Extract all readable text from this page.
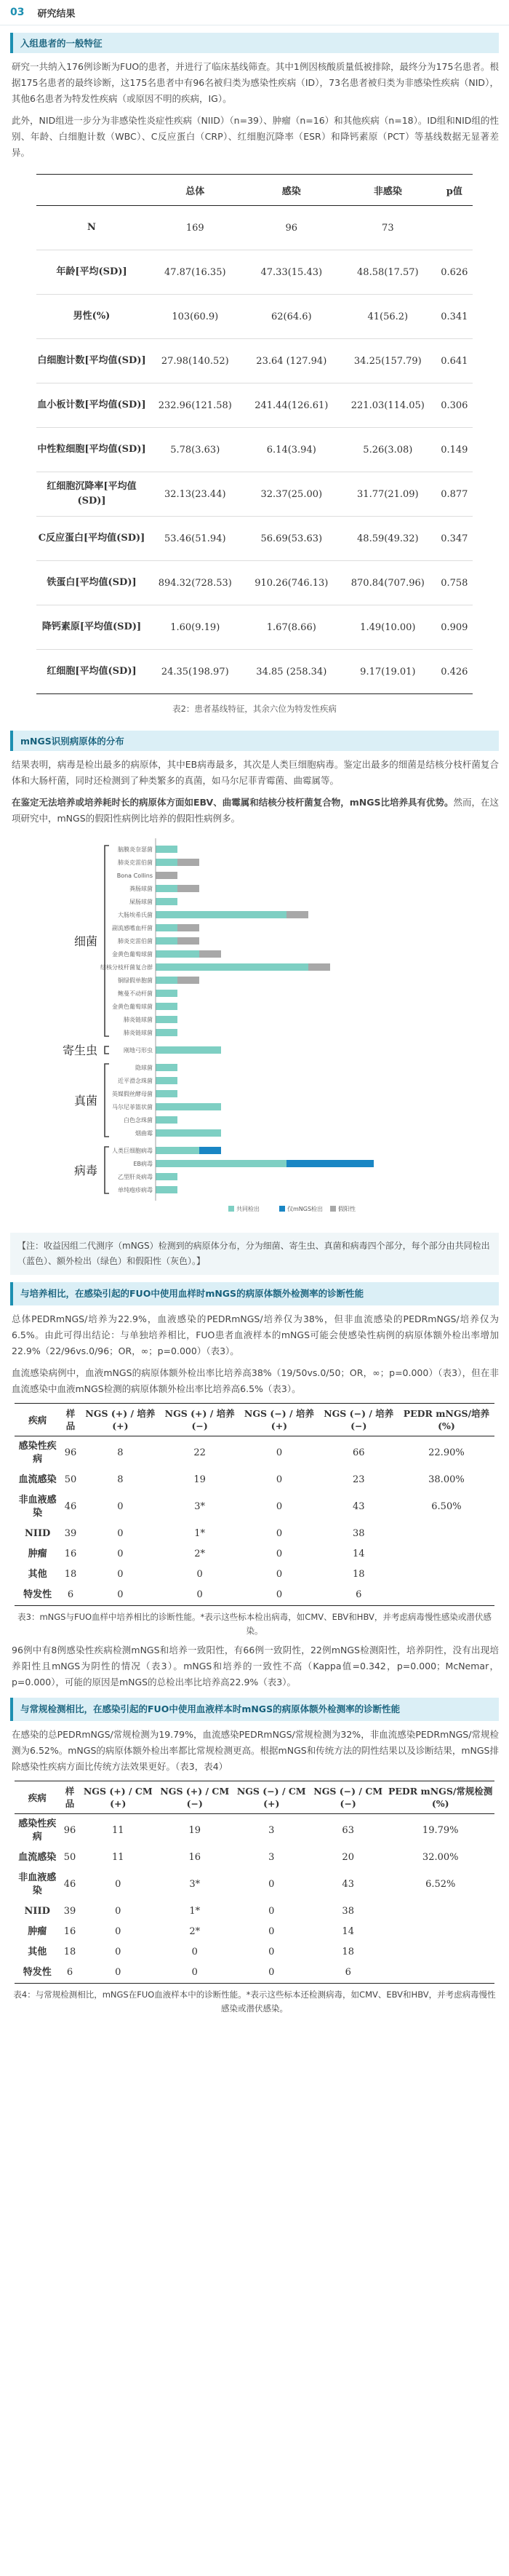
03 研究结果
入组患者的一般特征

研究一共纳入176例诊断为FUO的患者，并进行了临床基线筛查。其中1例因核酸质量低被排除，最终分为175名患者。根据175名患者的最终诊断，这175名患者中有96名被归类为感染性疾病（ID），73名患者被归类为非感染性疾病（NID），其他6名患者为特发性疾病（或原因不明的疾病，IG）。

此外，NID组进一步分为非感染性炎症性疾病（NIID）（n=39）、肿瘤（n=16）和其他疾病（n=18）。ID组和NID组的性别、年龄、白细胞计数（WBC）、C反应蛋白（CRP）、红细胞沉降率（ESR）和降钙素原（PCT）等基线数据无显著差异。

	总体	感染	非感染	p值
N	169	96	73	
年龄[平均(SD)]	47.87(16.35)	47.33(15.43)	48.58(17.57)	0.626
男性(%)	103(60.9)	62(64.6)	41(56.2)	0.341
白细胞计数[平均值(SD)]	27.98(140.52)	23.64 (127.94)	34.25(157.79)	0.641
血小板计数[平均值(SD)]	232.96(121.58)	241.44(126.61)	221.03(114.05)	0.306
中性粒细胞[平均值(SD)]	5.78(3.63)	6.14(3.94)	5.26(3.08)	0.149
红细胞沉降率[平均值(SD)]	32.13(23.44)	32.37(25.00)	31.77(21.09)	0.877
C反应蛋白[平均值(SD)]	53.46(51.94)	56.69(53.63)	48.59(49.32)	0.347
铁蛋白[平均值(SD)]	894.32(728.53)	910.26(746.13)	870.84(707.96)	0.758
降钙素原[平均值(SD)]	1.60(9.19)	1.67(8.66)	1.49(10.00)	0.909
红细胞[平均值(SD)]	24.35(198.97)	34.85 (258.34)	9.17(19.01)	0.426
表2：患者基线特征，其余六位为特发性疾病
mNGS识别病原体的分布

结果表明，病毒是检出最多的病原体，其中EB病毒最多，其次是人类巨细胞病毒。鉴定出最多的细菌是结核分枝杆菌复合体和大肠杆菌，同时还检测到了种类繁多的真菌，如马尔尼菲青霉菌、曲霉属等。

在鉴定无法培养或培养耗时长的病原体方面如EBV、曲霉属和结核分枝杆菌复合物，mNGS比培养具有优势。然而，在这项研究中，mNGS的假阳性病例比培养的假阳性病例多。

脑膜炎奈瑟菌
肺炎克雷伯菌
Bona Collins
粪肠球菌
屎肠球菌
大肠埃希氏菌
副流感嗜血杆菌
肺炎克雷伯菌
金黄色葡萄球菌
结核分枝杆菌复合群
铜绿假单胞菌
鲍曼不动杆菌
金黄色葡萄球菌
肺炎链球菌
肺炎链球菌
细菌
刚地弓形虫
寄生虫
隐球菌
近平滑念珠菌
英媒假丝酵母菌
马尔尼菲篮状菌
白色念珠菌
烟曲霉
真菌
人类巨细胞病毒
EB病毒
乙型肝炎病毒
单纯疱疹病毒
病毒
共同检出	仅mNGS检出	假阳性
【注：收益因组二代测序（mNGS）检测到的病原体分布，分为细菌、寄生虫、真菌和病毒四个部分，每个部分由共同检出（蓝色）、额外检出（绿色）和假阳性（灰色）。】
与培养相比，在感染引起的FUO中使用血样时mNGS的病原体额外检测率的诊断性能

总体PEDRmNGS/培养为22.9%，血液感染的PEDRmNGS/培养仅为38%，但非血流感染的PEDRmNGS/培养仅为6.5%。由此可得出结论：与单独培养相比，FUO患者血液样本的mNGS可能会使感染性病例的病原体额外检出率增加22.9%（22/96vs.0/96；OR，∞；p=0.000）（表3）。

血流感染病例中，血液mNGS的病原体额外检出率比培养高38%（19/50vs.0/50；OR，∞；p=0.000）（表3），但在非血流感染中血液mNGS检测的病原体额外检出率比培养高6.5%（表3）。

疾病	样品	NGS (+) / 培养 (+)	NGS (+) / 培养 (−)	NGS (−) / 培养 (+)	NGS (−) / 培养 (−)	PEDR mNGS/培养 (%)
感染性疾病	96	8	22	0	66	22.90%
血流感染	50	8	19	0	23	38.00%
非血液感染	46	0	3*	0	43	6.50%
NIID	39	0	1*	0	38	
肿瘤	16	0	2*	0	14	
其他	18	0	0	0	18	
特发性	6	0	0	0	6	
表3：mNGS与FUO血样中培养相比的诊断性能。*表示这些标本检出病毒，如CMV、EBV和HBV，并考虑病毒慢性感染或潜伏感染。

96例中有8例感染性疾病检测mNGS和培养一致阳性，有66例一致阴性，22例mNGS检测阳性，培养阴性，没有出现培养阳性且mNGS为阴性的情况（表3）。mNGS和培养的一致性不高（Kappa值=0.342，p=0.000；McNemar，p=0.000），可能的原因是mNGS的总检出率比培养高22.9%（表3）。

与常规检测相比，在感染引起的FUO中使用血液样本时mNGS的病原体额外检测率的诊断性能

在感染的总PEDRmNGS/常规检测为19.79%，血流感染PEDRmNGS/常规检测为32%，非血流感染PEDRmNGS/常规检测为6.52%。mNGS的病原体额外检出率都比常规检测更高。根据mNGS和传统方法的阴性结果以及诊断结果，mNGS排除感染性疾病方面比传统方法效果更好。（表3，表4）

疾病	样品	NGS (+) / CM (+)	NGS (+) / CM (−)	NGS (−) / CM (+)	NGS (−) / CM (−)	PEDR mNGS/常规检测 (%)
感染性疾病	96	11	19	3	63	19.79%
血流感染	50	11	16	3	20	32.00%
非血液感染	46	0	3*	0	43	6.52%
NIID	39	0	1*	0	38	
肿瘤	16	0	2*	0	14	
其他	18	0	0	0	18	
特发性	6	0	0	0	6	
表4：与常规检测相比，mNGS在FUO血液样本中的诊断性能。*表示这些标本还检测病毒，如CMV、EBV和HBV，并考虑病毒慢性感染或潜伏感染。
